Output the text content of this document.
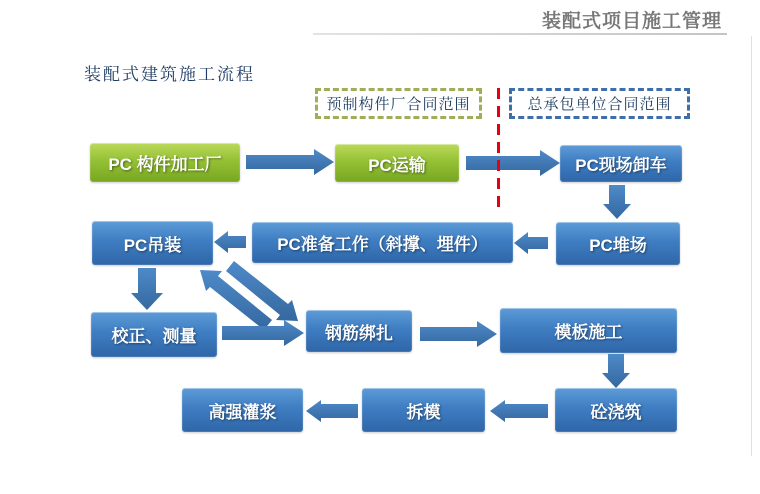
装配式项目施工管理
装配式建筑施工流程
预制构件厂合同范围	总承包单位合同范围
PC 构件加工厂	PC运输	PC现场卸车
PC堆场
PC准备工作（斜撑、埋件）
PC吊装
校正、测量	钢筋绑扎	模板施工
砼浇筑
拆模
高强灌浆
